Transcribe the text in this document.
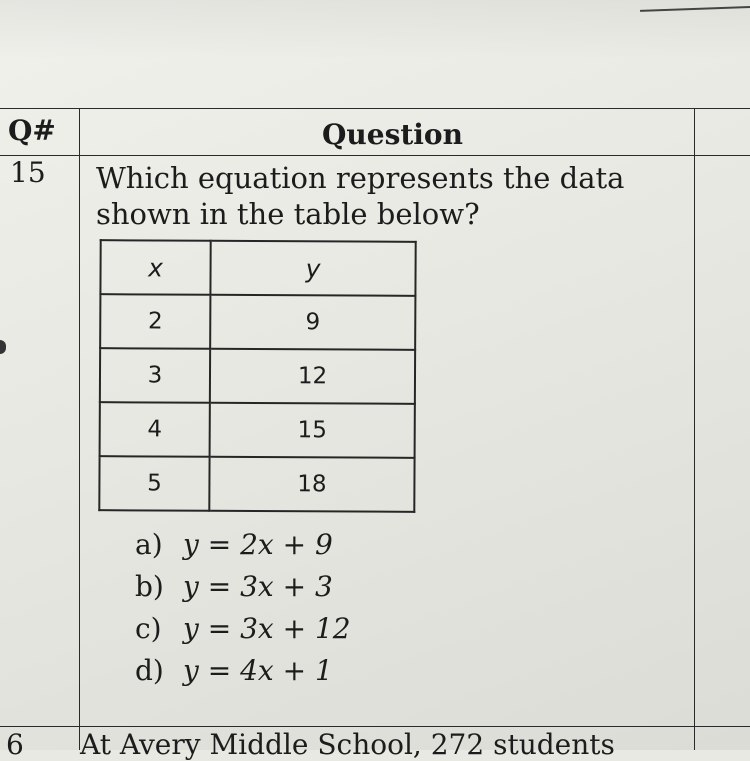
Q#	Question
15 Which equation represents the data
shown in the table below?
x	y
2	9
3	12
4	15
5	18
a) y = 2x + 9
b) y = 3x + 3
c) y = 3x + 12
d) y = 4x + 1
6 At Avery Middle School, 272 students
